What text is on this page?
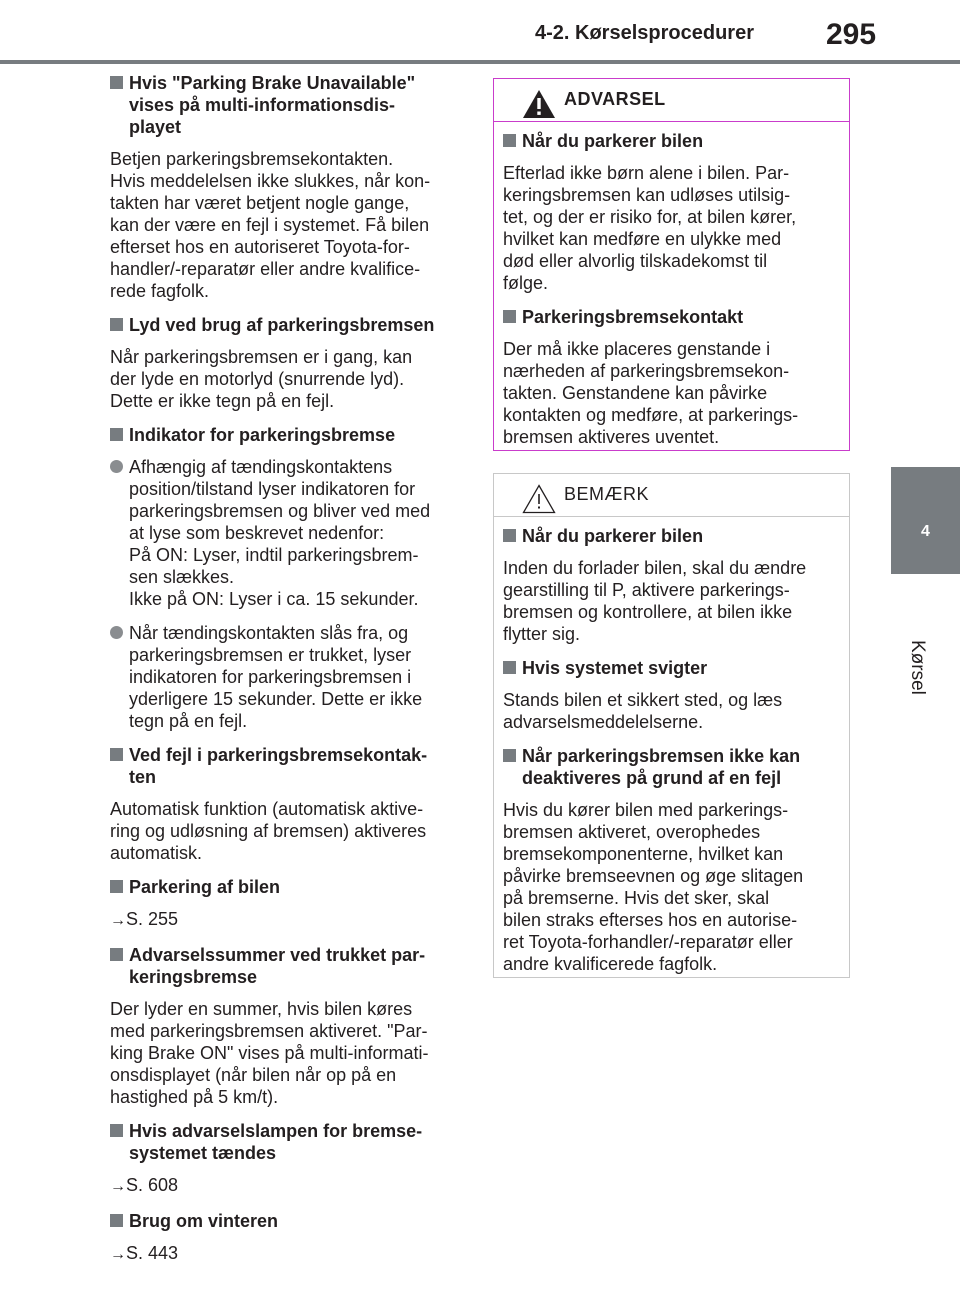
4-2. Kørselsprocedurer 295
4
Kørsel
Hvis "Parking Brake Unavailable"
vises på multi-informationsdis-
playet
Betjen parkeringsbremsekontakten.
Hvis meddelelsen ikke slukkes, når kon-
takten har været betjent nogle gange,
kan der være en fejl i systemet. Få bilen
efterset hos en autoriseret Toyota-for-
handler/-reparatør eller andre kvalifice-
rede fagfolk.
Lyd ved brug af parkeringsbremsen
Når parkeringsbremsen er i gang, kan
der lyde en motorlyd (snurrende lyd).
Dette er ikke tegn på en fejl.
Indikator for parkeringsbremse
Afhængig af tændingskontaktens
position/tilstand lyser indikatoren for
parkeringsbremsen og bliver ved med
at lyse som beskrevet nedenfor:
På ON: Lyser, indtil parkeringsbrem-
sen slækkes.
Ikke på ON: Lyser i ca. 15 sekunder.
Når tændingskontakten slås fra, og
parkeringsbremsen er trukket, lyser
indikatoren for parkeringsbremsen i
yderligere 15 sekunder. Dette er ikke
tegn på en fejl.
Ved fejl i parkeringsbremsekontak-
ten
Automatisk funktion (automatisk aktive-
ring og udløsning af bremsen) aktiveres
automatisk.
Parkering af bilen
→S. 255
Advarselssummer ved trukket par-
keringsbremse
Der lyder en summer, hvis bilen køres
med parkeringsbremsen aktiveret. "Par-
king Brake ON" vises på multi-informati-
onsdisplayet (når bilen når op på en
hastighed på 5 km/t).
Hvis advarselslampen for bremse-
systemet tændes
→S. 608
Brug om vinteren
→S. 443
ADVARSEL
Når du parkerer bilen
Efterlad ikke børn alene i bilen. Par-
keringsbremsen kan udløses utilsig-
tet, og der er risiko for, at bilen kører,
hvilket kan medføre en ulykke med
død eller alvorlig tilskadekomst til
følge.
Parkeringsbremsekontakt
Der må ikke placeres genstande i
nærheden af parkeringsbremsekon-
takten. Genstandene kan påvirke
kontakten og medføre, at parkerings-
bremsen aktiveres uventet.
BEMÆRK
Når du parkerer bilen
Inden du forlader bilen, skal du ændre
gearstilling til P, aktivere parkerings-
bremsen og kontrollere, at bilen ikke
flytter sig.
Hvis systemet svigter
Stands bilen et sikkert sted, og læs
advarselsmeddelelserne.
Når parkeringsbremsen ikke kan
deaktiveres på grund af en fejl
Hvis du kører bilen med parkerings-
bremsen aktiveret, overophedes
bremsekomponenterne, hvilket kan
påvirke bremseevnen og øge slitagen
på bremserne. Hvis det sker, skal
bilen straks efterses hos en autorise-
ret Toyota-forhandler/-reparatør eller
andre kvalificerede fagfolk.
